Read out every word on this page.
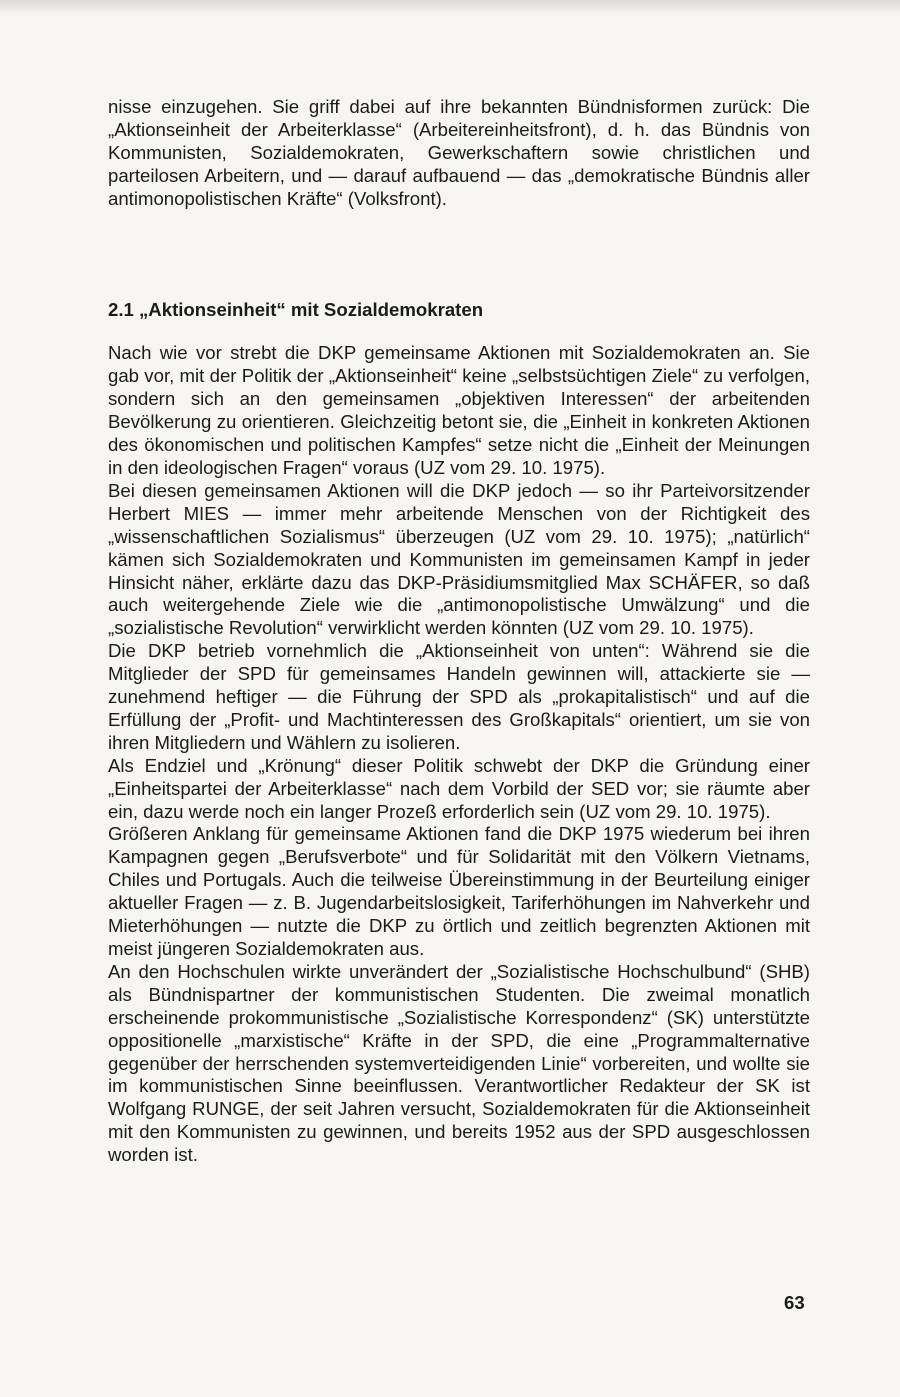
nisse einzugehen. Sie griff dabei auf ihre bekannten Bündnisformen zurück: Die „Aktionseinheit der Arbeiterklasse“ (Arbeitereinheitsfront), d. h. das Bündnis von Kommunisten, Sozialdemokraten, Gewerkschaftern sowie christlichen und parteilosen Arbeitern, und — darauf aufbauend — das „demokratische Bündnis aller antimonopolistischen Kräfte“ (Volksfront).

2.1 „Aktionseinheit“ mit Sozialdemokraten

Nach wie vor strebt die DKP gemeinsame Aktionen mit Sozialdemokraten an. Sie gab vor, mit der Politik der „Aktionseinheit“ keine „selbstsüchtigen Ziele“ zu verfolgen, sondern sich an den gemeinsamen „objektiven Interessen“ der arbeitenden Bevölkerung zu orientieren. Gleichzeitig betont sie, die „Einheit in konkreten Aktionen des ökonomischen und politischen Kampfes“ setze nicht die „Einheit der Meinungen in den ideologischen Fragen“ voraus (UZ vom 29. 10. 1975).

Bei diesen gemeinsamen Aktionen will die DKP jedoch — so ihr Parteivorsitzender Herbert MIES — immer mehr arbeitende Menschen von der Richtigkeit des „wissenschaftlichen Sozialismus“ überzeugen (UZ vom 29. 10. 1975); „natürlich“ kämen sich Sozialdemokraten und Kommunisten im gemeinsamen Kampf in jeder Hinsicht näher, erklärte dazu das DKP-Präsidiumsmitglied Max SCHÄFER, so daß auch weitergehende Ziele wie die „antimonopolistische Umwälzung“ und die „sozialistische Revolution“ verwirklicht werden könnten (UZ vom 29. 10. 1975).

Die DKP betrieb vornehmlich die „Aktionseinheit von unten“: Während sie die Mitglieder der SPD für gemeinsames Handeln gewinnen will, attackierte sie — zunehmend heftiger — die Führung der SPD als „prokapitalistisch“ und auf die Erfüllung der „Profit- und Machtinteressen des Großkapitals“ orientiert, um sie von ihren Mitgliedern und Wählern zu isolieren.

Als Endziel und „Krönung“ dieser Politik schwebt der DKP die Gründung einer „Einheitspartei der Arbeiterklasse“ nach dem Vorbild der SED vor; sie räumte aber ein, dazu werde noch ein langer Prozeß erforderlich sein (UZ vom 29. 10. 1975).

Größeren Anklang für gemeinsame Aktionen fand die DKP 1975 wiederum bei ihren Kampagnen gegen „Berufsverbote“ und für Solidarität mit den Völkern Vietnams, Chiles und Portugals. Auch die teilweise Übereinstimmung in der Beurteilung einiger aktueller Fragen — z. B. Jugendarbeitslosigkeit, Tariferhöhungen im Nahverkehr und Mieterhöhungen — nutzte die DKP zu örtlich und zeitlich begrenzten Aktionen mit meist jüngeren Sozialdemokraten aus.

An den Hochschulen wirkte unverändert der „Sozialistische Hochschulbund“ (SHB) als Bündnispartner der kommunistischen Studenten. Die zweimal monatlich erscheinende prokommunistische „Sozialistische Korrespondenz“ (SK) unterstützte oppositionelle „marxistische“ Kräfte in der SPD, die eine „Programmalternative gegenüber der herrschenden systemverteidigenden Linie“ vorbereiten, und wollte sie im kommunistischen Sinne beeinflussen. Verantwortlicher Redakteur der SK ist Wolfgang RUNGE, der seit Jahren versucht, Sozialdemokraten für die Aktionseinheit mit den Kommunisten zu gewinnen, und bereits 1952 aus der SPD ausgeschlossen worden ist.

63
